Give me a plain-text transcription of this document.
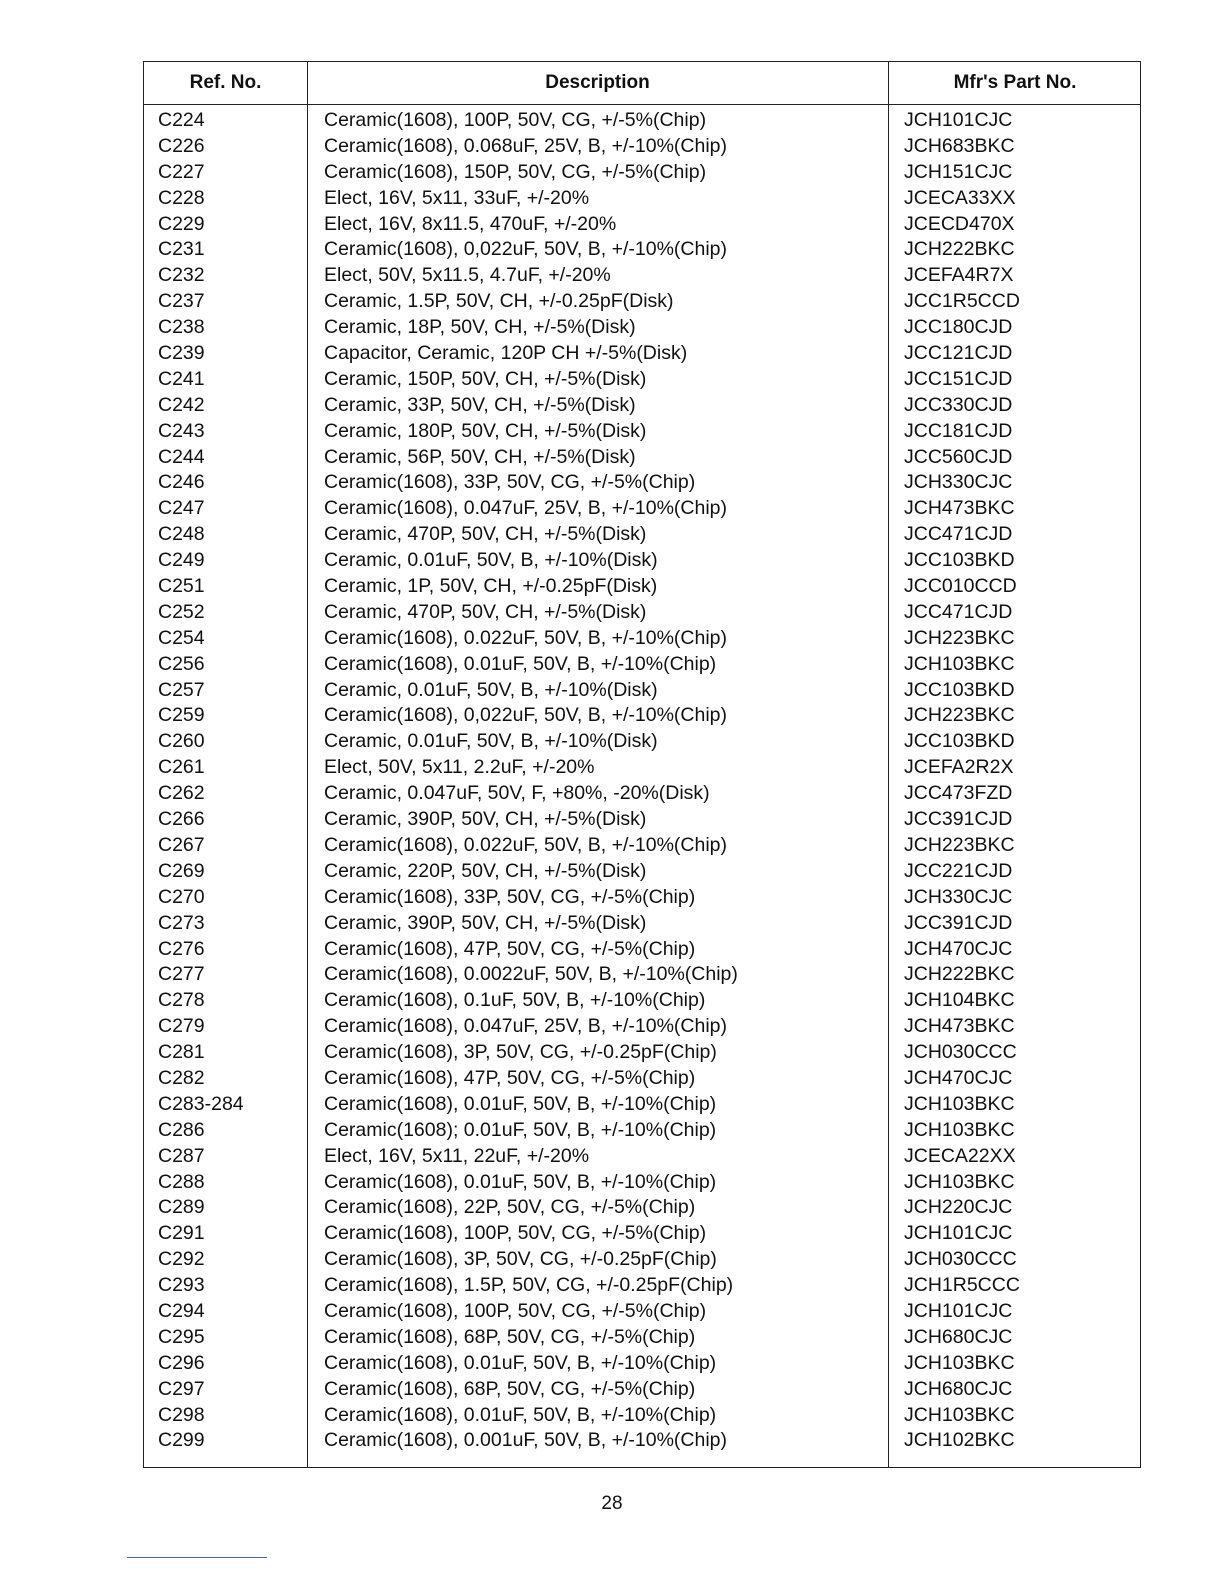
Ref. No.	Description	Mfr's Part No.
C224	Ceramic(1608), 100P, 50V, CG, +/-5%(Chip)	JCH101CJC
C226	Ceramic(1608), 0.068uF, 25V, B, +/-10%(Chip)	JCH683BKC
C227	Ceramic(1608), 150P, 50V, CG, +/-5%(Chip)	JCH151CJC
C228	Elect, 16V, 5x11, 33uF, +/-20%	JCECA33XX
C229	Elect, 16V, 8x11.5, 470uF, +/-20%	JCECD470X
C231	Ceramic(1608), 0,022uF, 50V, B, +/-10%(Chip)	JCH222BKC
C232	Elect, 50V, 5x11.5, 4.7uF, +/-20%	JCEFA4R7X
C237	Ceramic, 1.5P, 50V, CH, +/-0.25pF(Disk)	JCC1R5CCD
C238	Ceramic, 18P, 50V, CH, +/-5%(Disk)	JCC180CJD
C239	Capacitor, Ceramic, 120P CH +/-5%(Disk)	JCC121CJD
C241	Ceramic, 150P, 50V, CH, +/-5%(Disk)	JCC151CJD
C242	Ceramic, 33P, 50V, CH, +/-5%(Disk)	JCC330CJD
C243	Ceramic, 180P, 50V, CH, +/-5%(Disk)	JCC181CJD
C244	Ceramic, 56P, 50V, CH, +/-5%(Disk)	JCC560CJD
C246	Ceramic(1608), 33P, 50V, CG, +/-5%(Chip)	JCH330CJC
C247	Ceramic(1608), 0.047uF, 25V, B, +/-10%(Chip)	JCH473BKC
C248	Ceramic, 470P, 50V, CH, +/-5%(Disk)	JCC471CJD
C249	Ceramic, 0.01uF, 50V, B, +/-10%(Disk)	JCC103BKD
C251	Ceramic, 1P, 50V, CH, +/-0.25pF(Disk)	JCC010CCD
C252	Ceramic, 470P, 50V, CH, +/-5%(Disk)	JCC471CJD
C254	Ceramic(1608), 0.022uF, 50V, B, +/-10%(Chip)	JCH223BKC
C256	Ceramic(1608), 0.01uF, 50V, B, +/-10%(Chip)	JCH103BKC
C257	Ceramic, 0.01uF, 50V, B, +/-10%(Disk)	JCC103BKD
C259	Ceramic(1608), 0,022uF, 50V, B, +/-10%(Chip)	JCH223BKC
C260	Ceramic, 0.01uF, 50V, B, +/-10%(Disk)	JCC103BKD
C261	Elect, 50V, 5x11, 2.2uF, +/-20%	JCEFA2R2X
C262	Ceramic, 0.047uF, 50V, F, +80%, -20%(Disk)	JCC473FZD
C266	Ceramic, 390P, 50V, CH, +/-5%(Disk)	JCC391CJD
C267	Ceramic(1608), 0.022uF, 50V, B, +/-10%(Chip)	JCH223BKC
C269	Ceramic, 220P, 50V, CH, +/-5%(Disk)	JCC221CJD
C270	Ceramic(1608), 33P, 50V, CG, +/-5%(Chip)	JCH330CJC
C273	Ceramic, 390P, 50V, CH, +/-5%(Disk)	JCC391CJD
C276	Ceramic(1608), 47P, 50V, CG, +/-5%(Chip)	JCH470CJC
C277	Ceramic(1608), 0.0022uF, 50V, B, +/-10%(Chip)	JCH222BKC
C278	Ceramic(1608), 0.1uF, 50V, B, +/-10%(Chip)	JCH104BKC
C279	Ceramic(1608), 0.047uF, 25V, B, +/-10%(Chip)	JCH473BKC
C281	Ceramic(1608), 3P, 50V, CG, +/-0.25pF(Chip)	JCH030CCC
C282	Ceramic(1608), 47P, 50V, CG, +/-5%(Chip)	JCH470CJC
C283-284	Ceramic(1608), 0.01uF, 50V, B, +/-10%(Chip)	JCH103BKC
C286	Ceramic(1608); 0.01uF, 50V, B, +/-10%(Chip)	JCH103BKC
C287	Elect, 16V, 5x11, 22uF, +/-20%	JCECA22XX
C288	Ceramic(1608), 0.01uF, 50V, B, +/-10%(Chip)	JCH103BKC
C289	Ceramic(1608), 22P, 50V, CG, +/-5%(Chip)	JCH220CJC
C291	Ceramic(1608), 100P, 50V, CG, +/-5%(Chip)	JCH101CJC
C292	Ceramic(1608), 3P, 50V, CG, +/-0.25pF(Chip)	JCH030CCC
C293	Ceramic(1608), 1.5P, 50V, CG, +/-0.25pF(Chip)	JCH1R5CCC
C294	Ceramic(1608), 100P, 50V, CG, +/-5%(Chip)	JCH101CJC
C295	Ceramic(1608), 68P, 50V, CG, +/-5%(Chip)	JCH680CJC
C296	Ceramic(1608), 0.01uF, 50V, B, +/-10%(Chip)	JCH103BKC
C297	Ceramic(1608), 68P, 50V, CG, +/-5%(Chip)	JCH680CJC
C298	Ceramic(1608), 0.01uF, 50V, B, +/-10%(Chip)	JCH103BKC
C299	Ceramic(1608), 0.001uF, 50V, B, +/-10%(Chip)	JCH102BKC
28
